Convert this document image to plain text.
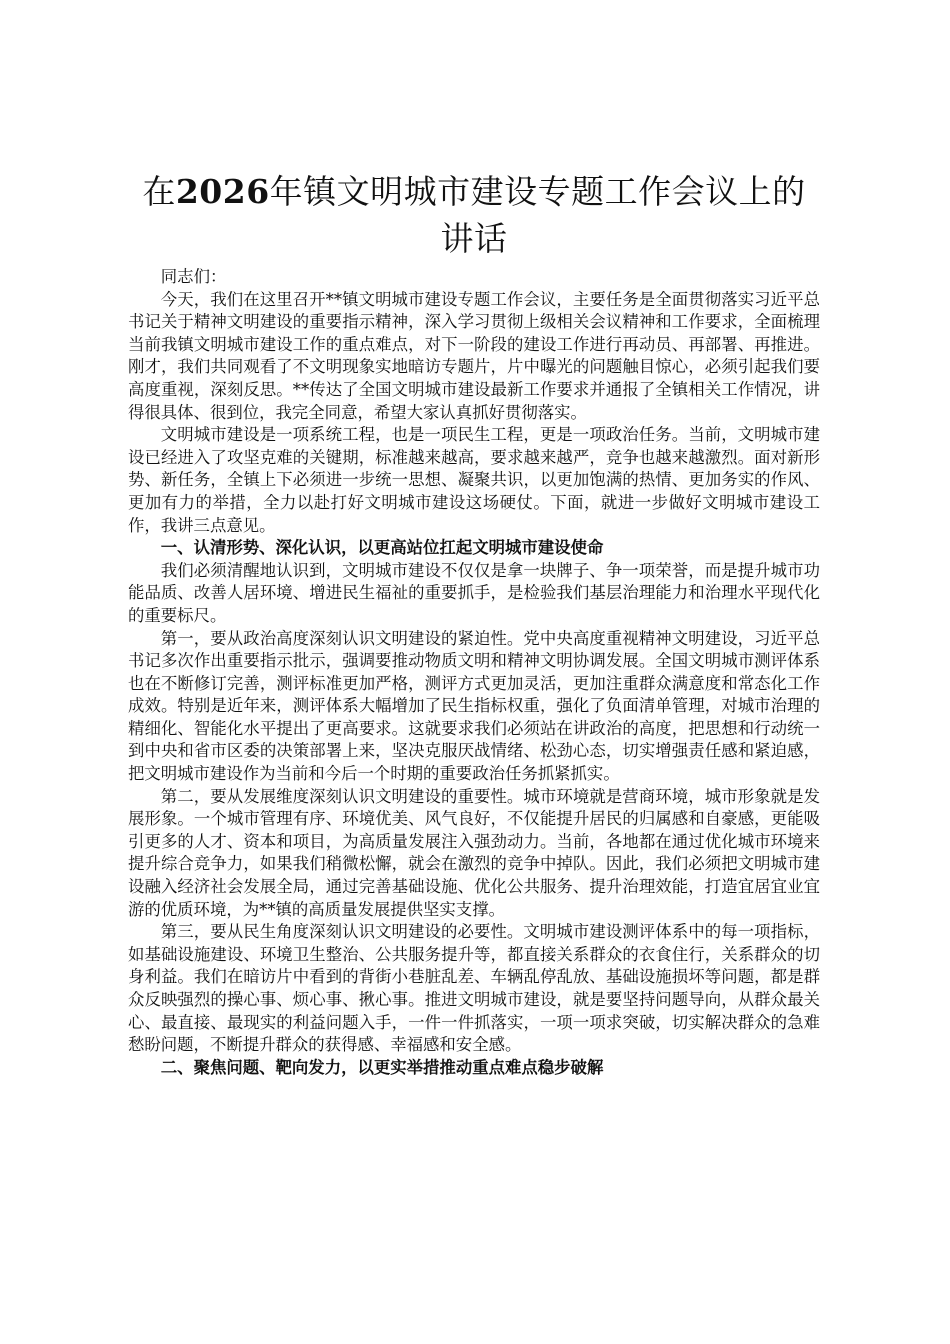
在2026年镇文明城市建设专题工作会议上的讲话

同志们：

今天，我们在这里召开**镇文明城市建设专题工作会议，主要任务是全面贯彻落实习近平总书记关于精神文明建设的重要指示精神，深入学习贯彻上级相关会议精神和工作要求，全面梳理当前我镇文明城市建设工作的重点难点，对下一阶段的建设工作进行再动员、再部署、再推进。刚才，我们共同观看了不文明现象实地暗访专题片，片中曝光的问题触目惊心，必须引起我们要高度重视，深刻反思。**传达了全国文明城市建设最新工作要求并通报了全镇相关工作情况，讲得很具体、很到位，我完全同意，希望大家认真抓好贯彻落实。

文明城市建设是一项系统工程，也是一项民生工程，更是一项政治任务。当前，文明城市建设已经进入了攻坚克难的关键期，标准越来越高，要求越来越严，竞争也越来越激烈。面对新形势、新任务，全镇上下必须进一步统一思想、凝聚共识，以更加饱满的热情、更加务实的作风、更加有力的举措，全力以赴打好文明城市建设这场硬仗。下面，就进一步做好文明城市建设工作，我讲三点意见。

一、认清形势、深化认识，以更高站位扛起文明城市建设使命

我们必须清醒地认识到，文明城市建设不仅仅是拿一块牌子、争一项荣誉，而是提升城市功能品质、改善人居环境、增进民生福祉的重要抓手，是检验我们基层治理能力和治理水平现代化的重要标尺。

第一，要从政治高度深刻认识文明建设的紧迫性。党中央高度重视精神文明建设，习近平总书记多次作出重要指示批示，强调要推动物质文明和精神文明协调发展。全国文明城市测评体系也在不断修订完善，测评标准更加严格，测评方式更加灵活，更加注重群众满意度和常态化工作成效。特别是近年来，测评体系大幅增加了民生指标权重，强化了负面清单管理，对城市治理的精细化、智能化水平提出了更高要求。这就要求我们必须站在讲政治的高度，把思想和行动统一到中央和省市区委的决策部署上来，坚决克服厌战情绪、松劲心态，切实增强责任感和紧迫感，把文明城市建设作为当前和今后一个时期的重要政治任务抓紧抓实。

第二，要从发展维度深刻认识文明建设的重要性。城市环境就是营商环境，城市形象就是发展形象。一个城市管理有序、环境优美、风气良好，不仅能提升居民的归属感和自豪感，更能吸引更多的人才、资本和项目，为高质量发展注入强劲动力。当前，各地都在通过优化城市环境来提升综合竞争力，如果我们稍微松懈，就会在激烈的竞争中掉队。因此，我们必须把文明城市建设融入经济社会发展全局，通过完善基础设施、优化公共服务、提升治理效能，打造宜居宜业宜游的优质环境，为**镇的高质量发展提供坚实支撑。

第三，要从民生角度深刻认识文明建设的必要性。文明城市建设测评体系中的每一项指标，如基础设施建设、环境卫生整治、公共服务提升等，都直接关系群众的衣食住行，关系群众的切身利益。我们在暗访片中看到的背街小巷脏乱差、车辆乱停乱放、基础设施损坏等问题，都是群众反映强烈的操心事、烦心事、揪心事。推进文明城市建设，就是要坚持问题导向，从群众最关心、最直接、最现实的利益问题入手，一件一件抓落实，一项一项求突破，切实解决群众的急难愁盼问题，不断提升群众的获得感、幸福感和安全感。

二、聚焦问题、靶向发力，以更实举措推动重点难点稳步破解
